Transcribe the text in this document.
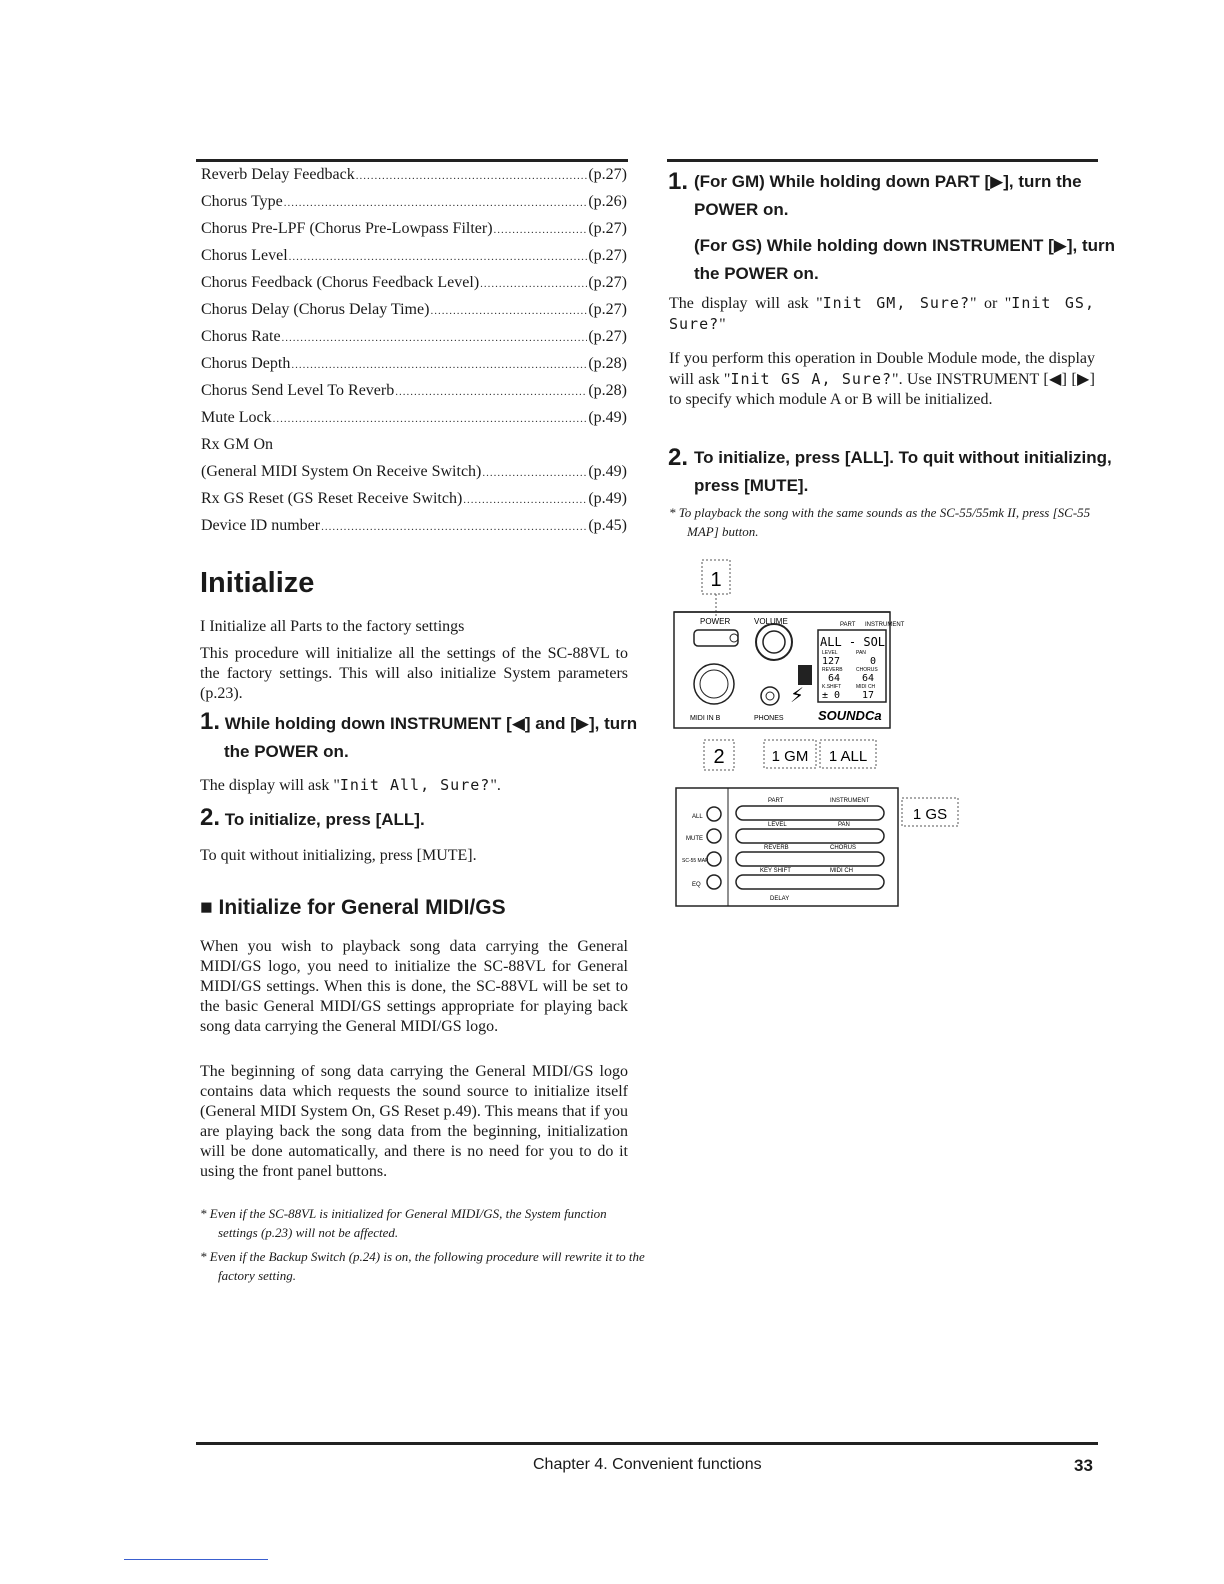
Reverb Delay Feedback .....	(p.27)
Chorus Type .....	(p.26)
Chorus Pre-LPF (Chorus Pre-Lowpass Filter) .....	(p.27)
Chorus Level .....	(p.27)
Chorus Feedback (Chorus Feedback Level) .....	(p.27)
Chorus Delay (Chorus Delay Time) .....	(p.27)
Chorus Rate .....	(p.27)
Chorus Depth .....	(p.28)
Chorus Send Level To Reverb .....	(p.28)
Mute Lock .....	(p.49)
Rx GM On
(General MIDI System On Receive Switch) .....	(p.49)
Rx GS Reset (GS Reset Receive Switch) .....	(p.49)
Device ID number .....	(p.45)
Initialize

I Initialize all Parts to the factory settings

This procedure will initialize all the settings of the SC-88VL to the factory settings. This will also initialize System parameters (p.23).

1. While holding down INSTRUMENT [◀] and [▶], turn the POWER on.

The display will ask "Init All, Sure?".

2. To initialize, press [ALL].

To quit without initializing, press [MUTE].

■ Initialize for General MIDI/GS

When you wish to playback song data carrying the General MIDI/GS logo, you need to initialize the SC-88VL for General MIDI/GS settings. When this is done, the SC-88VL will be set to the basic General MIDI/GS settings appropriate for playing back song data carrying the General MIDI/GS logo.

The beginning of song data carrying the General MIDI/GS logo contains data which requests the sound source to initialize itself (General MIDI System On, GS Reset p.49). This means that if you are playing back the song data from the beginning, initialization will be done automatically, and there is no need for you to do it using the front panel buttons.

* Even if the SC-88VL is initialized for General MIDI/GS, the System function settings (p.23) will not be affected.

* Even if the Backup Switch (p.24) is on, the following procedure will rewrite it to the factory setting.

1. (For GM) While holding down PART [▶], turn the POWER on.
(For GS) While holding down INSTRUMENT [▶], turn the POWER on.

The display will ask "Init GM, Sure?" or "Init GS, Sure?"

If you perform this operation in Double Module mode, the display will ask "Init GS A, Sure?". Use INSTRUMENT [◀] [▶] to specify which module A or B will be initialized.

2. To initialize, press [ALL]. To quit without initializing, press [MUTE].

* To playback the song with the same sounds as the SC-55/55mk II, press [SC-55 MAP] button.

1
POWER	VOLUME	PART INSTRUMENT
MIDI IN B	PHONES
⚡
SOUNDCa
ALL - SOL
LEVEL	PAN
127	0
REVERB	CHORUS
64 64
K.SHIFT	MIDI CH
± 0 17
2	1 GM 1 ALL
1 GS
ALL
MUTE
SC-55 MAP
EQ
PART	INSTRUMENT
LEVEL	PAN
REVERB	CHORUS
KEY SHIFT	MIDI CH
DELAY
Chapter 4. Convenient functions	33
